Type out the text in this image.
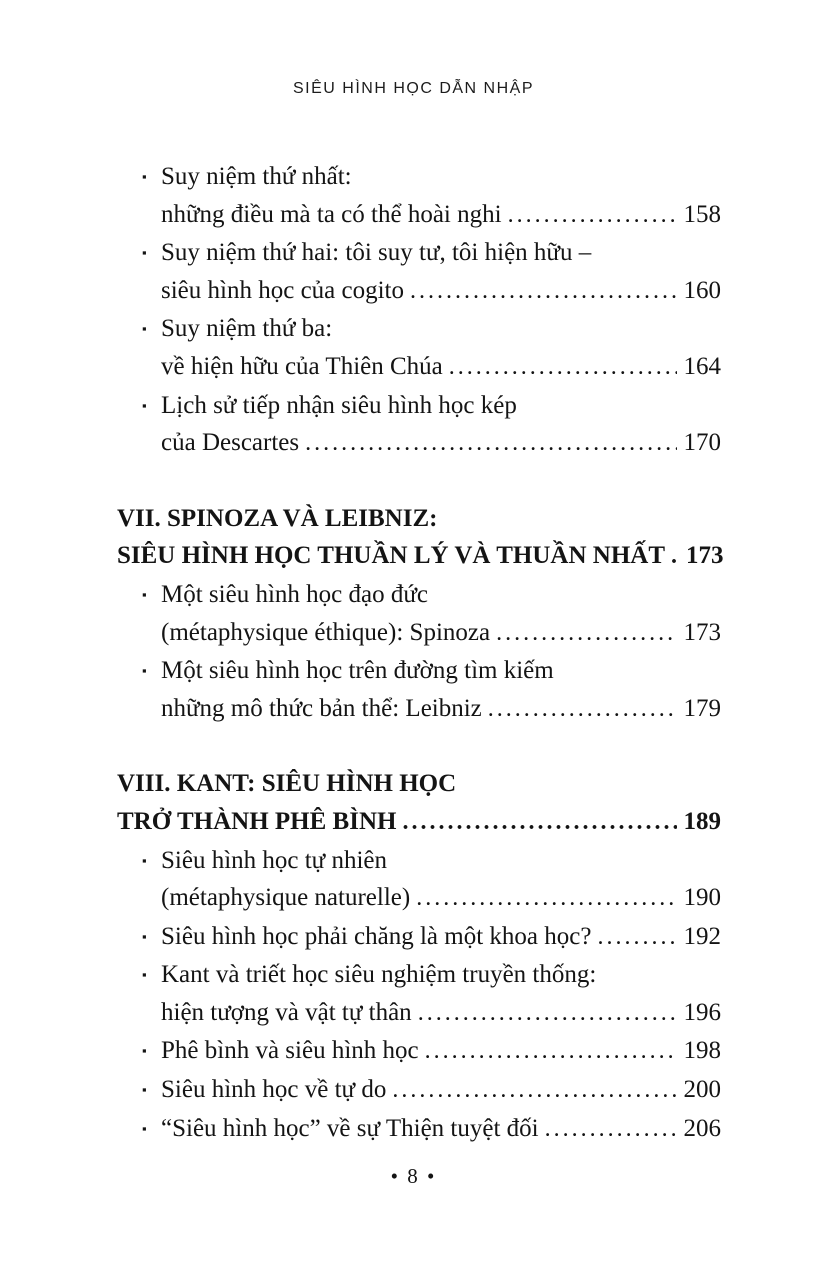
SIÊU HÌNH HỌC DẪN NHẬP
▪ Suy niệm thứ nhất:
những điều mà ta có thể hoài nghi .....	158
▪ Suy niệm thứ hai: tôi suy tư, tôi hiện hữu –
siêu hình học của cogito .....	160
▪ Suy niệm thứ ba:
về hiện hữu của Thiên Chúa .....	164
▪ Lịch sử tiếp nhận siêu hình học kép
của Descartes .....	170
VII. SPINOZA VÀ LEIBNIZ:
SIÊU HÌNH HỌC THUẦN LÝ VÀ THUẦN NHẤT ..... 173
▪ Một siêu hình học đạo đức
(métaphysique éthique): Spinoza .....	173
▪ Một siêu hình học trên đường tìm kiếm
những mô thức bản thể: Leibniz .....	179
VIII. KANT: SIÊU HÌNH HỌC
TRỞ THÀNH PHÊ BÌNH .....	189
▪ Siêu hình học tự nhiên
(métaphysique naturelle) .....	190
▪ Siêu hình học phải chăng là một khoa học? .....	192
▪ Kant và triết học siêu nghiệm truyền thống:
hiện tượng và vật tự thân .....	196
▪ Phê bình và siêu hình học .....	198
▪ Siêu hình học về tự do .....	200
▪ “Siêu hình học” về sự Thiện tuyệt đối .....	206
• 8 •
